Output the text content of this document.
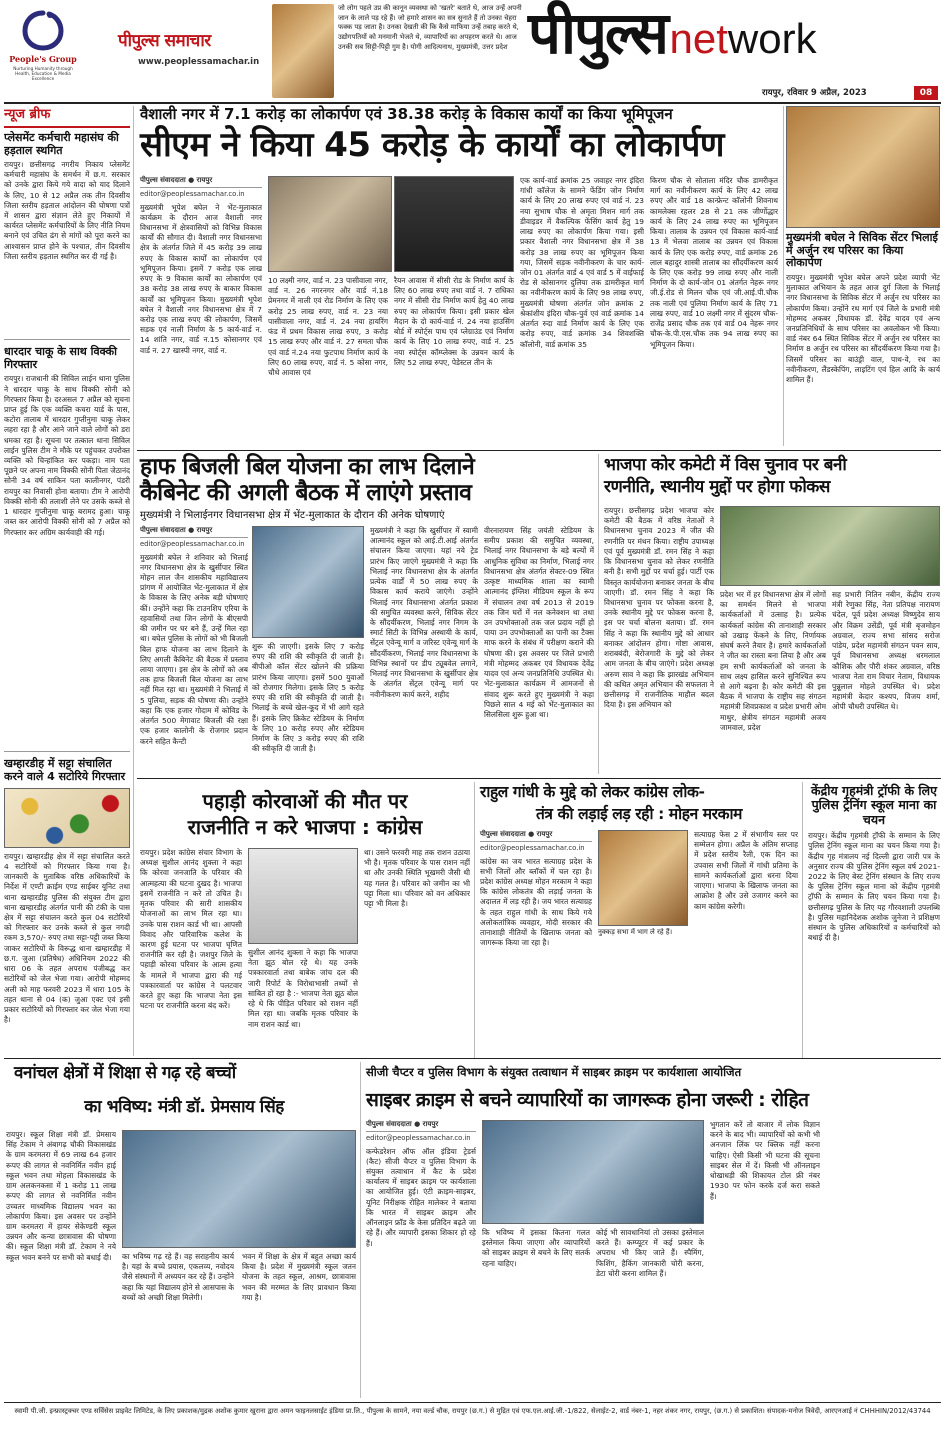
People's Group
Nurturing Humanity through Health, Education & Media Excellence
पीपुल्स समाचार
www.peoplessamachar.in
जो लोग पहले उप्र की कानून व्यवस्था को 'खतरे' बताते थे, आज उन्हें अपनी जान के लाले पड़ रहे हैं। जो हमारे शासन का सत्र सुनाते हैं तो उनका चेहरा फक्क पड़ जाता है। उनका देखती की कि कैसे माफिया उन्हें तबाह करते थे, उद्योगपतियों को मनमानी भेजते थे, व्यापारियों का अपहरण करते थे। आज उनकी सब सिट्टी-पिट्टी गुम है। योगी आदित्यनाथ, मुख्यमंत्री, उत्तर प्रदेश पीपुल्स network
रायपुर, रविवार 9 अप्रैल, 2023	08
न्यूज ब्रीफ
प्लेसमेंट कर्मचारी महासंघ की हड़ताल स्थगित
रायपुर। छत्तीसगढ़ नगरीय निकाय प्लेसमेंट कर्मचारी महासंघ के समर्थन में छ.ग. सरकार को उनके द्वारा किये गये वादा को याद दिलाने के लिए, 10 से 12 अप्रैल तक तीन दिवसीय जिला स्तरीय हड़ताल आंदोलन की घोषणा पत्रों में शासन द्वारा संज्ञान लेते हुए निकायों में कार्यरत प्लेसमेंट कर्मचारियों के लिए नीति नियम बनाने एवं उचित ढंग से मांगों को पूरा करने का आश्वासन प्राप्त होने के पश्चात, तीन दिवसीय जिला स्तरीय हड़ताल स्थगित कर दी गई है।
धारदार चाकू के साथ विक्की गिरफ्तार
रायपुर। राजधानी की सिविल लाईन थाना पुलिस ने धारदार चाकू के साथ विक्की सोनी को गिरफ्तार किया है। दरअसल 7 अप्रैल को सूचना प्राप्त हुई कि एक व्यक्ति कचरा यार्ड के पास, कटोरा तालाब में धारदार गुप्तीनुमा चाकू लेकर लहरा रहा है और आने जाने वाले लोगों को डरा धमका रहा है। सूचना पर तत्काल थाना सिविल लाईन पुलिस टीम ने मौके पर पहुंचकर उपरोक्त व्यक्ति को चिन्हांकित कर पकड़ा। नाम पता पूछने पर अपना नाम विक्की सोनी पिता जेठानंद सोनी 34 वर्ष साकिन पता कालीनगर, पंडरी रायपुर का निवासी होना बताया। टीम ने आरोपी विक्की सोनी की तलाशी लेने पर उसके कब्जे से 1 धारदार गुप्तीनुमा चाकू बरामद हुआ। चाकू जब्त कर आरोपी विक्की सोनी को 7 अप्रैल को गिरफ्तार कर अग्रिम कार्यवाही की गई।
खम्हारडीह में सट्टा संचालित करने वाले 4 सटोरिये गिरफ्तार
रायपुर। खम्हारडीह क्षेत्र में सट्टा संचालित करते 4 सटोरियों को गिरफ्तार किया गया है। जानकारी के मुताबिक वरिष्ठ अधिकारियों के निर्देश में एण्टी क्राईम एण्ड साईबर यूनिट तथा थाना खम्हारडीह पुलिस की संयुक्त टीम द्वारा थाना खम्हारडीह अंतर्गत पानी की टंकी के पास क्षेत्र में सट्टा संचालन करते कुल 04 सटोरियों को गिरफ्तार कर उनके कब्जे से कुल नगदी रकम 3,570/- रुपए तथा सट्टा-पट्टी जब्त किया जाकर सटोरियों के विरूद्ध थाना खम्हारडीह में छ.ग. जुआ (प्रतिषेध) अधिनियम 2022 की धारा 06 के तहत अपराध पंजीबद्ध कर सटोरियों को जेल भेजा गया। आरोपी मोहम्मद अली को माह फरवरी 2023 में धारा 105 के तहत थाना से 04 (क) जुआ एक्ट एवं इसी प्रकार सटोरियों को गिरफ्तार कर जेल भेजा गया है।
वैशाली नगर में 7.1 करोड़ का लोकार्पण एवं 38.38 करोड़ के विकास कार्यों का किया भूमिपूजन
सीएम ने किया 45 करोड़ के कार्यों का लोकार्पण
पीपुल्स संवाददाता ● रायपुर
editor@peoplessamachar.co.in
मुख्यमंत्री भूपेश बघेल ने भेंट-मुलाकात कार्यक्रम के दौरान आज वैशाली नगर विधानसभा में क्षेत्रवासियों को विभिन्न विकास कार्यों की सौगात दी। वैशाली नगर विधानसभा क्षेत्र के अंतर्गत जिले में 45 करोड़ 39 लाख रुपए के विकास कार्यों का लोकार्पण एवं भूमिपूजन किया। इसमें 7 करोड़ एक लाख रुपए के 9 विकास कार्यों का लोकार्पण एवं 38 करोड़ 38 लाख रुपए के बाकार विकास कार्यों का भूमिपूजन किया। मुख्यमंत्री भूपेश बघेल ने वैशाली नगर विधानसभा क्षेत्र में 7 करोड़ एक लाख रुपए की लोकार्पण, जिसमें सड़क एवं नाली निर्माण के 5 कार्य-वार्ड न. 14 शांति नगर, वार्ड न.15 कोसानगर एवं वार्ड न. 27 खास्पी नगर, वार्ड न.
10 लक्ष्मी नगर, वार्ड न. 23 पासीवाला नगर, वार्ड न. 26 नगरनगर और वार्ड नं.18 प्रेमनगर में नाली एवं रोड निर्माण के लिए एक करोड़ 25 लाख रुपए, वार्ड न. 23 नया पासीवाला नगर, वार्ड नं. 24 नया हायरिंग फंड में प्रथम विकास लाख रुपए, 3 करोड़ 15 लाख रुपए और वार्ड नं. 27 समता चौक एवं वार्ड नं.24 नया फुटपाथ निर्माण कार्य के लिए 60 लाख रुपए, वार्ड नं. 5 कोसा नगर, चौथे आवास एवं
रैयन आवास में सीसी रोड के निर्माण कार्य के लिए 60 लाख रुपए तथा वार्ड नं. 7 राधिका नगर में सीसी रोड निर्माण कार्य हेतु 40 लाख रुपए का लोकार्पण किया। इसी प्रकार खेल मैदान के दो कार्य-वार्ड नं. 24 नया हाउसिंग बोर्ड में स्पोर्ट्स पाथ एवं प्लेग्राउंड एवं निर्माण कार्य के लिए 10 लाख रुपए, वार्ड नं. 25 नया स्पोर्ट्स कॉम्प्लेक्स के उन्नयन कार्य के लिए 52 लाख रुपए, पेडेस्टल तीन के
एक कार्य-वार्ड क्रमांक 25 जवाहर नगर इंदिरा गांधी कॉलेज के सामने फेंडिंग जोन निर्माण कार्य के लिए 20 लाख रुपए एवं वार्ड नं. 23 नया सुभाष चौक से अमृता मिशन मार्ग तक डीवाइडर में वैकल्पिक फेंसिंग कार्य हेतु 19 लाख रुपए का लोकार्पण किया गया। इसी प्रकार वैशाली नगर विधानसभा क्षेत्र में 38 करोड़ 38 लाख रुपए का भूमिपूजन किया गया, जिसमें सड़क नवीनीकरण के चार कार्य-जोन 01 अंतर्गत वार्ड 4 एवं वार्ड 5 में वाईफाई रोड से कोसानगर दुलिया तक डामरीकृत मार्ग का नवीनीकरण कार्य के लिए 98 लाख रुपए, मुख्यमंत्री घोषणा अंतर्गत जोन क्रमांक 2 श्रेकांशीय इंदिरा चौक-पुर्व एवं वार्ड क्रमांक 14 अंतर्गत रुदा वार्ड निर्माण कार्य के लिए एक करोड़ रुपए, वार्ड क्रमांक 34 शिवशक्ति कॉलोनी, वार्ड क्रमांक 35
किरण चौक से सोताला मंदिर चौक डामरीकृत मार्ग का नवीनीकरण कार्य के लिए 42 लाख रुपए और वार्ड 18 कान्फ्रेन्ट कॉलोनी शिवनाथ कामलेक्स रहलर 28 से 21 तक जीर्णोद्धार कार्य के लिए 24 लाख रुपए का भूमिपूजन किया। तालाब के उन्नयन एवं विकास कार्य-वार्ड 13 में भेलवा तालाब का उन्नयन एवं विकास कार्य के लिए एक करोड़ रुपए, वार्ड क्रमांक 26 लाल बहादुर शास्त्री तालाब का सौंदर्यीकरण कार्य के लिए एक करोड़ 99 लाख रुपए और नाली निर्माण के दो कार्य-जोन 01 अंतर्गत नेहरू नगर जी.ई.रोड से मिलन चौक एवं जी.आई.पी.चौक तक नाली एवं पुलिया निर्माण कार्य के लिए 71 लाख रुपए, वार्ड 10 लक्ष्मी नगर में सुंदरम चौक-राजेंद्र प्रसाद चौक तक एवं वार्ड 04 नेहरू नगर चौक-के.पी.एस.चौक तक 94 लाख रुपए का भूमिपूजन किया।
मुख्यमंत्री बघेल ने सिविक सेंटर भिलाई में अर्जुन रथ परिसर का किया लोकार्पण
रायपुर। मुख्यमंत्री भूपेश बघेल अपने प्रदेश व्यापी भेंट मुलाकात अभियान के तहत आज दुर्ग जिला के भिलाई नगर विधानसभा के सिविक सेंटर में अर्जुन रथ परिसर का लोकार्पण किया। उन्होंने रथ मार्ग एवं जिले के प्रभारी मंत्री मोहम्मद अकबर ,विधायक डॉ. देवेंद्र यादव एवं अन्य जनप्रतिनिधियों के साथ परिसर का अवलोकन भी किया। वार्ड नंबर 64 स्थित सिविक सेंटर में अर्जुन रथ परिसर का निर्माण 8 अर्जुन रथ परिसर का सौंदर्यीकरण किया गया है। जिसमें परिसर का बाउंड्री वाल, पाथ-वे, रथ का नवीनीकरण, लैंडस्केपिंग, लाइटिंग एवं हिल आदि के कार्य शामिल हैं।
हाफ बिजली बिल योजना का लाभ दिलाने
कैबिनेट की अगली बैठक में लाएंगे प्रस्ताव
मुख्यमंत्री ने भिलाईनगर विधानसभा क्षेत्र में भेंट-मुलाकात के दौरान की अनेक घोषणाएं
पीपुल्स संवाददाता ● रायपुर
editor@peoplessamachar.co.in
मुख्यमंत्री बघेल ने शनिवार को भिलाई नगर विधानसभा क्षेत्र के खुर्सीपार स्थित मोहन लाल जैन शासकीय महाविद्यालय प्रांगण में आयोजित भेंट-मुलाकात में क्षेत्र के विकास के लिए अनेक बड़ी घोषणाएं कीं। उन्होंने कहा कि टाउनशिप एरिया के रहवासियों तथा जिन लोगों के बीएसपी की जमीन पर घर बने हैं, उन्हें मिल रहा था। बघेल पुलिस के लोगों को भी बिजली बिल हाफ योजना का लाभ दिलाने के लिए अगली कैबिनेट की बैठक में प्रस्ताव लाया जाएगा। इस क्षेत्र के लोगों को अब तक हाफ बिजली बिल योजना का लाभ नहीं मिल रहा था। मुख्यमंत्री ने भिलाई में 5 पुलिया, सड़क की घोषणा की। उन्होंने कहा कि एक हजार गोदाम में कोविड के अंतर्गत 500 मेगावाट बिजली की रक्षा एक हजार कालोनी के रोजगार प्रदान करने सहित कैन्टी
शुरू की जाएगी। इसके लिए 7 करोड़ रुपए की राशि की स्वीकृति दी जाती है। बीपीओ कॉल सेंटर खोलने की प्रक्रिया प्रारंभ किया जाएगा। इसमें 500 युवाओं को रोजगार मिलेगा। इसके लिए 5 करोड़ रुपए की राशि की स्वीकृति दी जाती है। भिलाई के बच्चे खेल-कूद में भी आगे रहते हैं। इसके लिए क्रिकेट स्टेडियम के निर्माण के लिए 10 करोड़ रुपए और स्टेडियम निर्माण के लिए 3 करोड़ रुपए की राशि की स्वीकृति दी जाती है।
मुख्यमंत्री ने कहा कि खुर्सीपार में स्वामी आत्मानंद स्कूल को आई.टी.आई अंतर्गत संचालन किया जाएगा। यहां नये ट्रेड प्रारंभ किए जाएंगे मुख्यमंत्री ने कहा कि भिलाई नगर विधानसभा क्षेत्र के अंतर्गत प्रत्येक वार्डों में 50 लाख रुपए के विकास कार्य कराये जाएंगे। उन्होंने भिलाई नगर विधानसभा अंतर्गत प्रकाश की समुचित व्यवस्था करने, सिविक सेंटर के सौंदर्यीकरण, भिलाई नगर निगम के स्मार्ट सिटी के विभिन्न अस्थायी के कार्य, सेंट्रल एवेन्यू मार्ग व जरिस्ट एवेन्यू मार्ग के सौंदर्यीकरण, भिलाई नगर विधानसभा के विभिन्न स्थानों पर डीप ट्यूबवेल लगाने, भिलाई नगर विधानसभा के खुर्सीपार क्षेत्र के अंतर्गत सेंट्रल एवेन्यू मार्ग पर नवीनीकरण कार्य करने, शहीद
वीरनारायण सिंह जयंती स्टेडियम के समीप प्रकाश की समुचित व्यवस्था, भिलाई नगर विधानसभा के बड़े बल्यों में आधुनिक सुविधा का निर्माण, भिलाई नगर विधानसभा क्षेत्र अंतर्गत सेक्टर-09 स्थित उत्कृष्ट माध्यमिक शाला का स्वामी आत्मानंद इंग्लिश मीडियम स्कूल के रूप में संचालन तथा वर्ष 2013 से 2019 तक जिन घरों में नल कनेक्शन था तथा उन उपभोक्ताओं तक जल प्रदाय नहीं हो पाया उन उपभोक्ताओं का पानी का टैक्स माफ करने के संबंध में परीक्षण कराने की घोषणा की। इस अवसर पर जिले प्रभारी मंत्री मोहम्मद अकबर एवं विधायक देवेंद्र यादव एवं अन्य जनप्रतिनिधि उपस्थित थे। भेंट-मुलाकात कार्यक्रम में आमजनों से संवाद शुरू करते हुए मुख्यमंत्री ने कहा पिछले साल 4 मई को भेंट-मुलाकात का सिलसिला शुरू हुआ था।
भाजपा कोर कमेटी में विस चुनाव पर बनी
रणनीति, स्थानीय मुद्दों पर होगा फोकस
रायपुर। छत्तीसगढ़ प्रदेश भाजपा कोर कमेटी की बैठक में वरिष्ठ नेताओं ने विधानसभा चुनाव 2023 में जीत की रणनीति पर मंथन किया। राष्ट्रीय उपाध्यक्ष एवं पूर्व मुख्यमंत्री डॉ. रमन सिंह ने कहा कि विधानसभा चुनाव को लेकर रणनीति बनी है। सभी मुद्दों पर चर्चा हुई। पार्टी एक विस्तृत कार्ययोजना बनाकर जनता के बीच जाएगी। डॉ. रमन सिंह ने कहा कि विधानसभा चुनाव पर फोकस करना है, उनके स्थानीय मुद्दे पर फोकस करना है, इस पर चर्चा बोलना बताया। डॉ. रमन सिंह ने कहा कि स्थानीय मुद्दे को आधार बनाकर आंदोलन होगा। गोष्टा आवास, शराबबंदी, बेरोजगारी के मुद्दे को लेकर आम जनता के बीच जाएंगे। प्रदेश अध्यक्ष अरुण साव ने कहा कि झारखंड अभियान की कथित अमृत अभियान की सफलता ने छत्तीसगढ़ में राजनीतिक माहौल बदल दिया है। इस अभियान को
प्रदेश भर में हर विधानसभा क्षेत्र में लोगों का समर्थन मिलने से भाजपा कार्यकर्ताओं में उत्साह है। प्रत्येक कार्यकर्ता कांग्रेस की तानाशाही सरकार को उखाड़ फेंकने के लिए, निर्णायक संघर्ष करने तैयार है। हमारे कार्यकर्ताओं ने जीत का रास्ता बना लिया है और अब हम सभी कार्यकर्ताओं को जनता के साथ लक्ष्य हासिल करने सुनिश्चित रूप से आगे बढ़ना है। कोर कमेटी की इस बैठक में भाजपा के राष्ट्रीय सह संगठन महामंत्री शिवप्रकाश व प्रदेश प्रभारी ओम माथुर, क्षेत्रीय संगठन महामंत्री अजय जामवाल, प्रदेश
सह प्रभारी नितिन नबीन, केंद्रीय राज्य मंत्री रेणुका सिंह, नेता प्रतिपक्ष नारायण चंदेल, पूर्व प्रदेश अध्यक्ष विष्णुदेव साय और विक्रम उसेंडी, पूर्व मंत्री बृजमोहन अग्रवाल, राज्य सभा सांसद सरोज पांडेय, प्रदेश महामंत्री संगठन पवन साय, पूर्व विधानसभा अध्यक्ष धरमलाल कौशिक और पौरी शंकर अग्रवाल, वरिष्ठ भाजपा नेता राम विचार नेताम, विधायक पुन्नूलाल मोहले उपस्थित थे। प्रदेश महामंत्री केदार कश्यप, विजय शर्मा, ओपी चौधरी उपस्थित थे।
पहाड़ी कोरवाओं की मौत पर
राजनीति न करे भाजपा : कांग्रेस
रायपुर। प्रदेश कांग्रेस संचार विभाग के अध्यक्ष सुशील आनंद शुक्ला ने कहा कि कोरवा जनजाति के परिवार की आत्महत्या की घटना दुखद है। भाजपा इसमें राजनीति न करे तो उचित है। मृतक परिवार की सारी शासकीय योजनाओं का लाभ मिल रहा था। उनके पास राशन कार्ड भी था। आपसी विवाद और पारिवारिक कलेश के कारण हुई घटना पर भाजपा घृणित राजनीति कर रही है। जशपुर जिले के पहाड़ी कोरवा परिवार के आत्म हत्या के मामले में भाजपा द्वारा की गई पत्रकारवार्ता पर कांग्रेस ने पलटवार करते हुए कहा कि भाजपा नेता इस घटना पर राजनीति करना बंद करें।
सुशील आनंद शुक्ला ने कहा कि भाजपा नेता झूठ बोल रहे थे। यह उनके पत्रकारवार्ता तथा बाबेक जांच दल की जारी रिपोर्ट के विरोधाभासी तथ्यों से साबित हो रहा है :- भाजपा नेता झूठ बोल रहे थे कि पीड़ित परिवार को राशन नहीं मिल रहा था। जबकि मृतक परिवार के नाम राशन कार्ड था।
था। उसने फरवरी माह तक राशन उठाया भी है। मृतक परिवार के पास राशन नहीं था और उनकी स्थिति भूखमरी जैसी थी यह गलत है। परिवार को जमीन का भी पट्टा मिला था। परिवार को वन अधिकार पट्टा भी मिला है।
राहुल गांधी के मुद्दे को लेकर कांग्रेस लोक-
तंत्र की लड़ाई लड़ रही : मोहन मरकाम
पीपुल्स संवाददाता ● रायपुर
editor@peoplessamachar.co.in
कांग्रेस का जय भारत सत्याग्रह प्रदेश के सभी जिलों और ब्लॉकों में चल रहा है। प्रदेश कांग्रेस अध्यक्ष मोहन मरकाम ने कहा कि कांग्रेस लोकतंत्र की लड़ाई जनता के अदालत में लड़ रही है। जय भारत सत्याग्रह के तहत राहुल गांधी के साथ किये गये अलोकतांत्रिक व्यवहार, मोदी सरकार की तानाशाही नीतियों के खिलाफ जनता को जागरूक किया जा रहा है।
नुक्कड़ सभा में भाग ले रहे हैं।
सत्याग्रह फेस 2 में संभागीय स्तर पर सम्मेलन होगा। अप्रैल के अंतिम सप्ताह में प्रदेश स्तरीय रैली, एक दिन का उपवास सभी जिलों में गांधी प्रतिमा के सामने कार्यकर्ताओं द्वारा धरना दिया जाएगा। भाजपा के खिलाफ जनता का आक्रोश है और उसे उजागर करने का काम कांग्रेस करेगी।
केंद्रीय गृहमंत्री ट्रॉफी के लिए पुलिस ट्रेनिंग स्कूल माना का चयन
रायपुर। केंद्रीय गृहमंत्री ट्रॉफी के सम्मान के लिए पुलिस ट्रेनिंग स्कूल माना का चयन किया गया है। केंद्रीय गृह मंत्रालय नई दिल्ली द्वारा जारी पत्र के अनुसार राज्य की पुलिस ट्रेनिंग स्कूल वर्ष 2021-2022 के लिए बेस्ट ट्रेनिंग संस्थान के लिए राज्य के पुलिस ट्रेनिंग स्कूल माना को केंद्रीय गृहमंत्री ट्रॉफी के सम्मान के लिए चयन किया गया है। छत्तीसगढ़ पुलिस के लिए यह गौरवशाली उपलब्धि है। पुलिस महानिदेशक अशोक जुनेजा ने प्रशिक्षण संस्थान के पुलिस अधिकारियों व कर्मचारियों को बधाई दी है।
वनांचल क्षेत्रों में शिक्षा से गढ़ रहे बच्चों
का भविष्य: मंत्री डॉ. प्रेमसाय सिंह
रायपुर। स्कूल शिक्षा मंत्री डॉ. प्रेमसाय सिंह टेकाम ने अंबागढ़ चौकी विकासखंड के ग्राम करमतरा में 69 लाख 64 हजार रूपए की लागत से नवनिर्मित नवीन हाई स्कूल भवन तथा मोहला विकासखंड के ग्राम अलकनकसा में 1 करोड़ 11 लाख रूपए की लागत से नवनिर्मित नवीन उच्चतर माध्यमिक विद्यालय भवन का लोकार्पण किया। इस अवसर पर उन्होंने ग्राम करमतरा में हायर सेकेण्डरी स्कूल उन्नयन और कन्या छात्रावास की घोषणा की। स्कूल शिक्षा मंत्री डॉ. टेकाम ने नये स्कूल भवन बनने पर सभी को बधाई दी।	का भविष्य गढ़ रहे हैं। वह सराहनीय कार्य है। यहां के बच्चे प्रयास, एकलव्य, नवोदय जैसे संस्थानों में अध्ययन कर रहे हैं। उन्होंने कहा कि यहां विद्यालय होने से आसपास के बच्चों को अच्छी शिक्षा मिलेगी।
भवन में शिक्षा के क्षेत्र में बहुत अच्छा कार्य किया है। प्रदेश में मुख्यमंत्री स्कूल जतन योजना के तहत स्कूल, आश्रम, छात्रावास भवन की मरम्मत के लिए प्रावधान किया गया है।
सीजी चैप्टर व पुलिस विभाग के संयुक्त तत्वाधान में साइबर क्राइम पर कार्यशाला आयोजित
साइबर क्राइम से बचने व्यापारियों का जागरूक होना जरूरी : रोहित
पीपुल्स संवाददाता ● रायपुर
editor@peoplessamachar.co.in
कन्फेडरेशन ऑफ ऑल इंडिया ट्रेडर्स (कैट) सीजी चैप्टर व पुलिस विभाग के संयुक्त तत्वाधान में कैट के प्रदेश कार्यालय में साइबर क्राइम पर कार्यशाला का आयोजित हुई। एंटी क्राइम-साइबर, यूनिट निरीक्षक रोहित मालेकर ने बताया कि भारत में साइबर क्राइम और ऑनलाइन फ्रॉड के केस प्रतिदिन बढ़ते जा रहे हैं। और व्यापारी इसका शिकार हो रहे हैं।
कि भविष्य में इसका कितना गलत इस्तेमाल किया जाएगा और व्यापारियों को साइबर क्राइम से बचने के लिए सतर्क रहना चाहिए।
कोई भी सावधानियां तो उसका इस्तेमाल करते हैं। कम्प्यूटर में कई प्रकार के अपराध भी किए जाते हैं। स्पैमिंग, फिशिंग, हैकिंग जानकारी चोरी करना, डेटा चोरी करना शामिल हैं।
भुगतान करें तो बाजार में लोक विज्ञान करने के बाद भी। व्यापारियों को कभी भी अनजान लिंक पर क्लिक नहीं करना चाहिए। ऐसी किसी भी घटना की सूचना साइबर सेल में दें। किसी भी ऑनलाइन धोखाधड़ी की शिकायत टोल फ्री नंबर 1930 पर फोन करके दर्ज करा सकते हैं।
स्वामी पी.जी. इन्फ्रास्ट्रक्चर एण्ड सर्विसेस प्राइवेट लिमिटेड, के लिए प्रकाशक/मुद्रक अशोक कुमार खुराना द्वारा अमन फाइनलसाईट इंडिया प्रा.लि., पीपुल्स के सामने, नया वर्ल्ड चौक, रायपुर (छ.ग.) से मुद्रित एवं एफ.एल.आई.जी.-1/822, सेलाईट-2, वार्ड नंबर-1, नहर शंकर नगर, रायपुर, (छ.ग.) से प्रकाशित। संपादक-मनोज त्रिवेदी, आरएनआई नं CHHHIN/2012/43744
